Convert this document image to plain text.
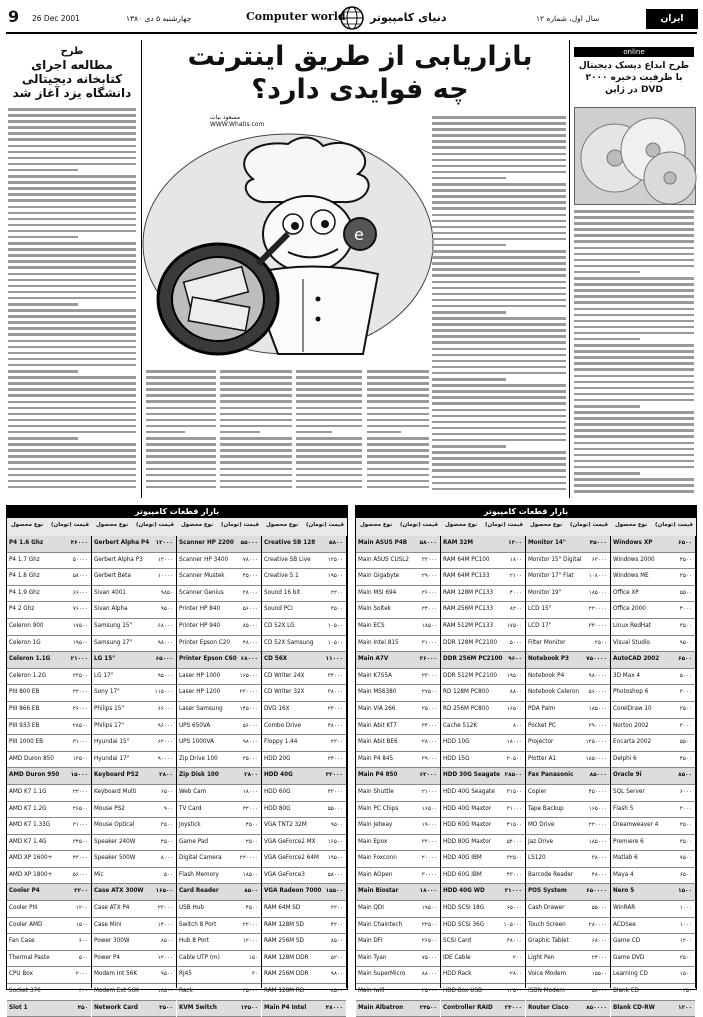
9 26 Dec 2001	چهارشنبه ۵ دی ۱۳۸۰	Computer world دنیای کامپیوتر	سال اول، شماره ۱۲	ایران انفورماتیک
طرح
مطالعه اجرای
کتابخانه دیجیتالی
دانشگاه یزد آغاز شد
بازاریابی از طریق اینترنت
چه فوایدی دارد؟
مسعود بیات
WWW.Whatis.com
e
online
طرح ابداع دیسک دیجیتال با ظرفیت ذخیره ۲۰۰۰ DVD در ژاپن
بازار قطعات کامپیوتر
نوع محصول قیمت (تومان)
P4 1.6 Ghz	۴۶۰۰۰
P4 1.7 Ghz	۵۰۰۰۰
P4 1.8 Ghz	۵۸۰۰۰
P4 1.9 Ghz	۶۶۰۰۰
P4 2 Ghz	۷۶۰۰۰
Celeron 900	۱۷۵۰۰
Celeron 1G	۱۹۵۰۰
Celeron 1.1G	۲۱۰۰۰
Celeron 1.2G	۲۳۵۰۰
PIII 800 EB	۲۳۰۰۰
PIII 866 EB	۲۶۰۰۰
PIII 933 EB	۲۸۵۰۰
PIII 1000 EB	۳۱۰۰۰
AMD Duron 850	۱۳۵۰۰
AMD Duron 950 ۱۵۰۰۰
AMD K7 1.1G	۲۲۰۰۰
AMD K7 1.2G	۲۶۵۰۰
AMD K7 1.33G	۳۱۰۰۰
AMD K7 1.4G	۳۴۵۰۰
AMD XP 1600+	۴۳۰۰۰
AMD XP 1800+	۵۶۰۰۰
Cooler P4	۳۲۰۰
Cooler PIII	۱۲۰۰
Cooler AMD	۱۵۰۰
Fan Case	۶۰۰
Thermal Paste	۵۰۰
CPU Box	۲۰۰۰
Socket 370	۴۰۰
Slot 1	۴۵۰
نوع محصول قیمت (تومان)
Gerbert Alpha P4 ۱۲۰۰۰
Gerbert Alpha P3	۱۲۰۰۰
Gerbert Beta	۱۰۰۰۰
Sivan 4001	۹۸۵۰
Sivan Alpha	۹۵۰۰
Samsung 15"	۶۸۰۰۰
Samsung 17"	۹۸۰۰۰
LG 15"	۶۵۰۰۰
LG 17"	۹۵۰۰۰
Sony 17"	۱۱۵۰۰۰
Philips 15"	۶۶۰۰۰
Philips 17"	۹۶۰۰۰
Hyundai 15"	۶۲۰۰۰
Hyundai 17"	۹۰۰۰۰
Keyboard PS2	۲۸۰۰
Keyboard Multi	۶۵۰۰
Mouse PS2	۹۰۰
Mouse Optical	۳۵۰۰
Speaker 240W	۴۵۰۰
Speaker 500W	۸۰۰۰
Mic	۵۰۰
Case ATX 300W ۱۶۵۰۰
Case ATX P4	۲۲۰۰۰
Case Mini	۱۴۰۰۰
Power 300W	۸۵۰۰
Power P4	۱۲۰۰۰
Modem Int 56K	۹۵۰۰
Modem Ext 56K	۱۸۵۰۰
Network Card	۳۵۰۰
نوع محصول قیمت (تومان)
Scanner HP 2200 ۵۵۰۰۰
Scanner HP 3400	۷۸۰۰۰
Scanner Mustek	۴۵۰۰۰
Scanner Genius	۳۸۰۰۰
Printer HP 840	۵۶۰۰۰
Printer HP 940	۸۵۰۰۰
Printer Epson C20 ۴۸۰۰۰
Printer Epson C60 ۶۸۰۰۰
Laser HP 1000	۱۶۵۰۰۰
Laser HP 1200	۲۳۰۰۰۰
Laser Samsung	۱۴۵۰۰۰
UPS 650VA	۵۶۰۰۰
UPS 1000VA	۹۸۰۰۰
Zip Drive 100	۳۵۰۰۰
Zip Disk 100	۲۸۰۰
Web Cam	۱۸۰۰۰
TV Card	۳۲۰۰۰
Joystick	۴۵۰۰
Game Pad	۲۵۰۰
Digital Camera	۲۲۰۰۰۰
Flash Memory	۱۸۵۰۰
Card Reader	۸۵۰۰
USB Hub	۴۵۰۰
Switch 8 Port	۲۲۰۰۰
Hub 8 Port	۱۲۰۰۰
Cable UTP (m)	۱۵۰
RJ45	۳۰
Rack	۴۵۰۰۰
KVM Switch	۱۴۵۰۰
نوع محصول قیمت (تومان)
Creative SB 128 ۵۸۰۰
Creative SB Live	۱۲۵۰۰
Creative 5.1	۱۹۵۰۰
Sound 16 bit	۲۲۰۰
Sound PCI	۳۵۰۰
CD 52X LG	۱۰۵۰۰
CD 52X Samsung ۱۰۵۰۰
CD 56X	۱۱۰۰۰
CD Writer 24X	۳۴۰۰۰
CD Writer 32X	۳۸۰۰۰
DVD 16X	۲۳۰۰۰
Combo Drive	۴۸۰۰۰
Floppy 1.44	۲۲۰۰
HDD 20G	۲۴۰۰۰
HDD 40G	۳۲۰۰۰
HDD 60G	۴۲۰۰۰
HDD 80G	۵۵۰۰۰
VGA TNT2 32M	۹۵۰۰
VGA GeForce2 MX ۱۶۵۰۰
VGA GeForce2 64M ۱۹۵۰۰
VGA GeForce3	۵۸۰۰۰
VGA Radeon 7000 ۱۵۵۰۰
RAM 64M SD	۲۲۰۰
RAM 128M SD	۴۲۰۰
RAM 256M SD	۸۵۰۰
RAM 128M DDR	۵۲۰۰
RAM 256M DDR	۹۸۰۰
RAM 128M RD	۸۵۰۰
Main P4 Intel	۴۸۰۰۰
بازار قطعات کامپیوتر
نوع محصول قیمت (تومان)
Main ASUS P4B ۵۸۰۰۰
Main ASUS CUSL2 ۳۲۰۰۰
Main Gigabyte	۲۹۰۰۰
Main MSI 694	۲۶۰۰۰
Main Soltek	۲۴۰۰۰
Main ECS	۱۸۵۰۰
Main Intel 815	۳۱۰۰۰
Main A7V	۳۶۰۰۰
Main K7S5A	۲۳۰۰۰
Main MS6380	۲۷۵۰۰
Main VIA 266	۲۵۰۰۰
Main Abit KT7	۳۴۰۰۰
Main Abit BE6	۲۸۰۰۰
Main P4 845	۳۹۰۰۰
Main P4 850	۶۲۰۰۰
Main Shuttle	۲۱۰۰۰
Main PC Chips	۱۶۵۰۰
Main Jetway	۱۹۰۰۰
Main Epox	۳۳۰۰۰
Main Foxconn	۲۰۰۰۰
Main AOpen	۳۰۰۰۰
Main Biostar	۱۸۰۰۰
Main QDI	۱۹۵۰۰
Main Chaintech	۲۲۵۰۰
Main DFI	۲۶۵۰۰
Main Tyan	۷۵۰۰۰
Main SuperMicro	۸۸۰۰۰
Main Iwill	۳۵۰۰۰
Main Albatron	۲۴۵۰۰
نوع محصول قیمت (تومان)
RAM 32M	۱۲۰۰
RAM 64M PC100	۱۸۰۰
RAM 64M PC133	۲۱۰۰
RAM 128M PC133	۴۰۰۰
RAM 256M PC133	۸۲۰۰
RAM 512M PC133 ۱۷۵۰۰
DDR 128M PC2100 ۵۰۰۰
DDR 256M PC2100 ۹۶۰۰
DDR 512M PC2100 ۱۹۵۰۰
RD 128M PC800	۸۸۰۰
RD 256M PC800	۱۶۵۰۰
Cache 512K	۸۰۰
HDD 10G	۱۸۰۰۰
HDD 15G	۲۰۵۰۰
HDD 30G Seagate ۲۸۵۰۰
HDD 40G Seagate ۳۱۵۰۰
HDD 40G Maxtor	۳۱۰۰۰
HDD 60G Maxtor	۴۱۵۰۰
HDD 80G Maxtor	۵۴۰۰۰
HDD 40G IBM	۳۲۵۰۰
HDD 60G IBM	۴۳۰۰۰
HDD 40G WD	۳۱۰۰۰
HDD SCSI 18G	۶۵۰۰۰
HDD SCSI 36G	۱۰۵۰۰۰
SCSI Card	۳۸۰۰۰
IDE Cable	۲۰۰
HDD Rack	۲۸۰۰
HDD Box USB	۱۲۵۰۰
Controller RAID ۲۴۰۰۰
نوع محصول قیمت (تومان)
Monitor 14"	۴۵۰۰۰
Monitor 15" Digital ۶۲۰۰۰
Monitor 17" Flat	۱۰۸۰۰۰
Monitor 19"	۱۸۵۰۰۰
LCD 15"	۲۲۰۰۰۰
LCD 17"	۳۴۰۰۰۰
Filter Monitor	۲۵۰۰
Notebook P3	۷۵۰۰۰۰
Notebook P4	۹۸۰۰۰۰
Notebook Celeron ۵۶۰۰۰۰
PDA Palm	۱۸۵۰۰۰
Pocket PC	۲۹۰۰۰۰
Projector	۱۲۵۰۰۰۰
Plotter A1	۱۸۵۰۰۰۰
Fax Panasonic	۸۵۰۰۰
Copier	۴۵۰۰۰۰
Tape Backup	۱۶۵۰۰۰
MO Drive	۲۲۰۰۰۰
Jaz Drive	۱۸۵۰۰۰
LS120	۳۸۰۰۰
Barcode Reader	۴۸۰۰۰
POS System	۶۵۰۰۰۰
Cash Drawer	۵۵۰۰۰
Touch Screen	۲۸۰۰۰۰
Graphic Tablet	۶۸۰۰۰
Light Pen	۲۴۰۰۰
Voice Modem	۱۵۵۰۰
ISDN Modem	۵۸۰۰۰
Router Cisco	۸۵۰۰۰۰
نوع محصول قیمت (تومان)
Windows XP	۶۵۰۰
Windows 2000	۴۵۰۰
Windows ME	۲۵۰۰
Office XP	۵۵۰۰
Office 2000	۴۰۰۰
Linux RedHat	۳۵۰۰
Visual Studio	۹۵۰۰
AutoCAD 2002	۶۵۰۰
3D Max 4	۵۰۰۰
Photoshop 6	۳۰۰۰
CorelDraw 10	۳۵۰۰
Norton 2002	۲۰۰۰
Encarta 2002	۵۵۰۰
Delphi 6	۴۵۰۰
Oracle 9i	۸۵۰۰
SQL Server	۶۰۰۰
Flash 5	۲۰۰۰
Dreamweaver 4	۲۵۰۰
Premiere 6	۳۵۰۰
Matlab 6	۷۵۰۰
Maya 4	۶۵۰۰
Nero 5	۱۵۰۰
WinRAR	۱۰۰۰
ACDSee	۱۰۰۰
Game CD	۱۲۰۰
Game DVD	۲۵۰۰
Learning CD	۱۵۰۰
Blank CD	۲۵۰
Blank CD-RW	۱۲۰۰
